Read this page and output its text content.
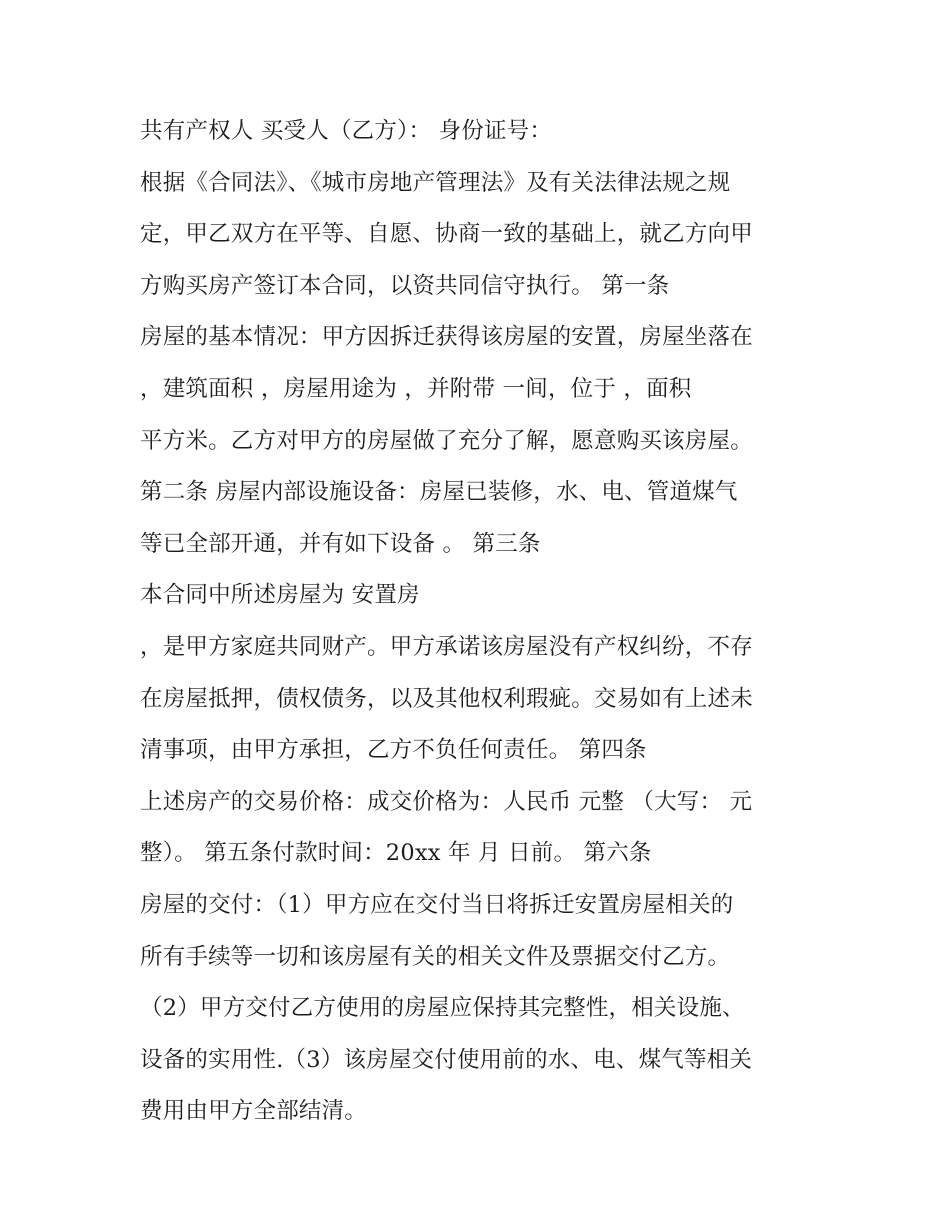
共有产权人 买受人（乙方）： 身份证号：
根据《合同法》、《城市房地产管理法》及有关法律法规之规
定，甲乙双方在平等、自愿、协商一致的基础上，就乙方向甲
方购买房产签订本合同，以资共同信守执行。 第一条
房屋的基本情况：甲方因拆迁获得该房屋的安置，房屋坐落在
，建筑面积 ，房屋用途为 ，并附带 一间，位于 ，面积
平方米。乙方对甲方的房屋做了充分了解，愿意购买该房屋。
第二条 房屋内部设施设备：房屋已装修，水、电、管道煤气
等已全部开通，并有如下设备 。 第三条
本合同中所述房屋为 安置房
，是甲方家庭共同财产。甲方承诺该房屋没有产权纠纷，不存
在房屋抵押，债权债务，以及其他权利瑕疵。交易如有上述未
清事项，由甲方承担，乙方不负任何责任。 第四条
上述房产的交易价格：成交价格为：人民币 元整 （大写： 元
整）。 第五条付款时间：20xx 年 月 日前。 第六条
房屋的交付：（1）甲方应在交付当日将拆迁安置房屋相关的
所有手续等一切和该房屋有关的相关文件及票据交付乙方。
（2）甲方交付乙方使用的房屋应保持其完整性，相关设施、
设备的实用性.（3）该房屋交付使用前的水、电、煤气等相关
费用由甲方全部结清。
